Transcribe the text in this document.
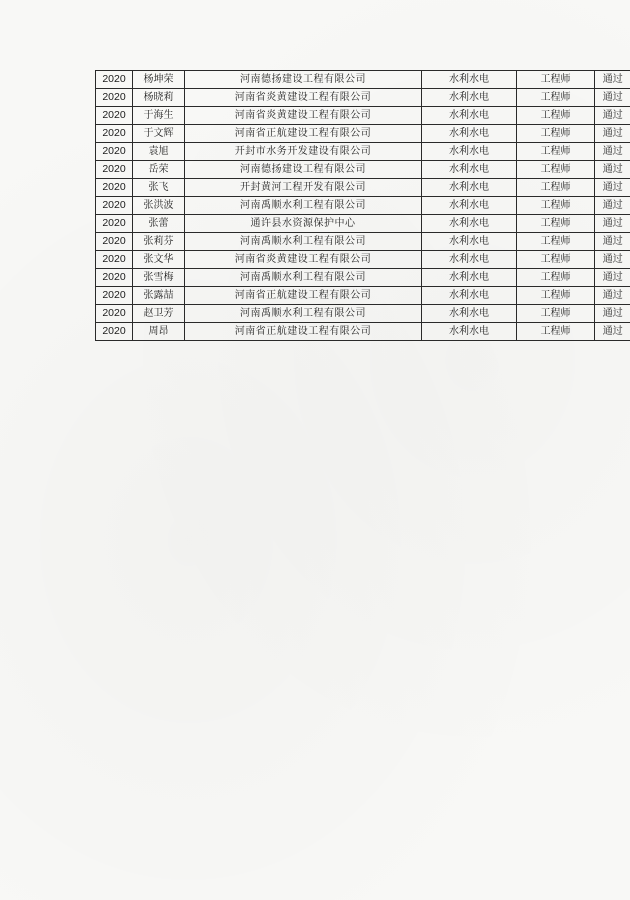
2020	杨坤荣	河南德扬建设工程有限公司	水利水电	工程师	通过
2020	杨晓莉	河南省炎黄建设工程有限公司	水利水电	工程师	通过
2020	于海生	河南省炎黄建设工程有限公司	水利水电	工程师	通过
2020	于文辉	河南省正航建设工程有限公司	水利水电	工程师	通过
2020	袁旭	开封市水务开发建设有限公司	水利水电	工程师	通过
2020	岳荣	河南德扬建设工程有限公司	水利水电	工程师	通过
2020	张飞	开封黄河工程开发有限公司	水利水电	工程师	通过
2020	张洪波	河南禹顺水利工程有限公司	水利水电	工程师	通过
2020	张蕾	通许县水资源保护中心	水利水电	工程师	通过
2020	张莉芬	河南禹顺水利工程有限公司	水利水电	工程师	通过
2020	张文华	河南省炎黄建设工程有限公司	水利水电	工程师	通过
2020	张雪梅	河南禹顺水利工程有限公司	水利水电	工程师	通过
2020	张露喆	河南省正航建设工程有限公司	水利水电	工程师	通过
2020	赵卫芳	河南禹顺水利工程有限公司	水利水电	工程师	通过
2020	周昂	河南省正航建设工程有限公司	水利水电	工程师	通过
